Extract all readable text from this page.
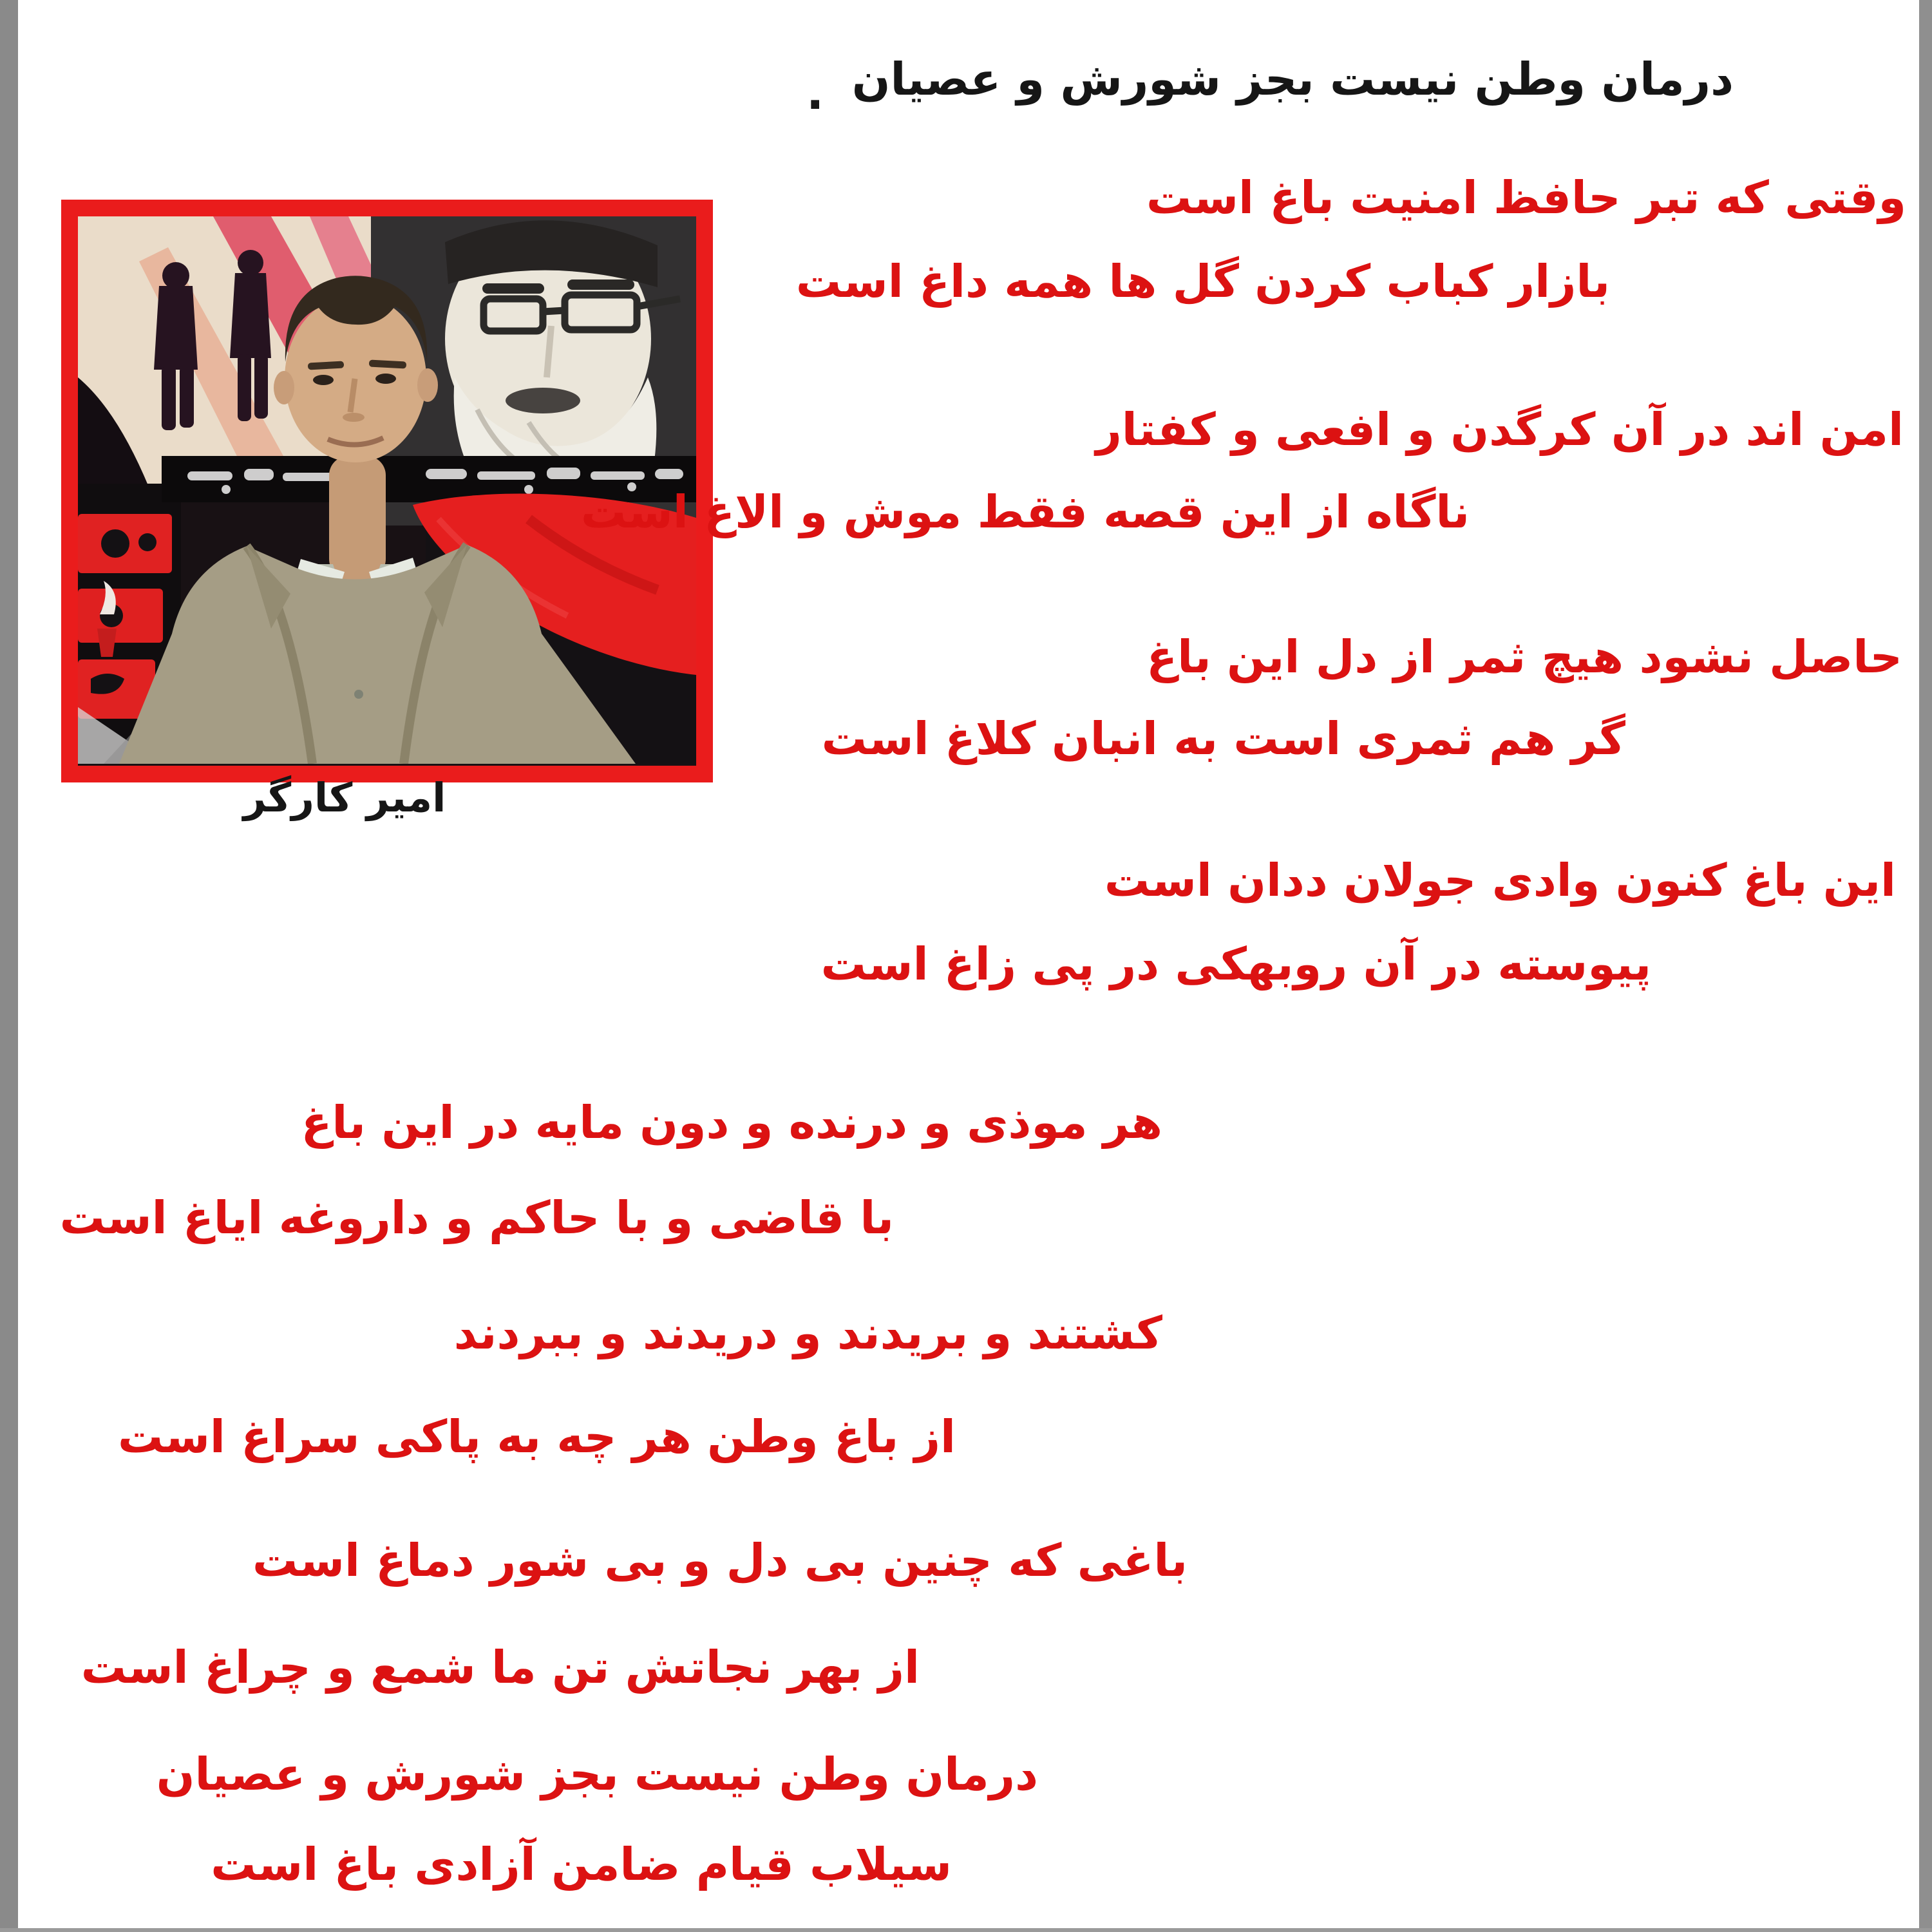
درمان وطن نیست بجز شورش و عصیان
.
امیر کارگر
وقتی که تبر حافظ امنیت باغ است
بازار کباب کردن گل ها همه داغ است
امن اند در آن کرگدن و افعی و کفتار
ناگاه از این قصه فقط موش و الاغ است
حاصل نشود هیچ ثمر از دل این باغ
گر هم ثمری است به انبان کلاغ است
این باغ کنون وادی جولان ددان است
پیوسته در آن روبهکی در پی زاغ است
هر موذی و درنده و دون مایه در این باغ
با قاضی و با حاکم و داروغه ایاغ است
کشتند و بریدند و دریدند و ببردند
از باغ وطن هر چه به پاکی سراغ است
باغی که چنین بی دل و بی شور دماغ است
از بهر نجاتش تن ما شمع و چراغ است
درمان وطن نیست بجز شورش و عصیان
سیلاب قیام ضامن آزادی باغ است
